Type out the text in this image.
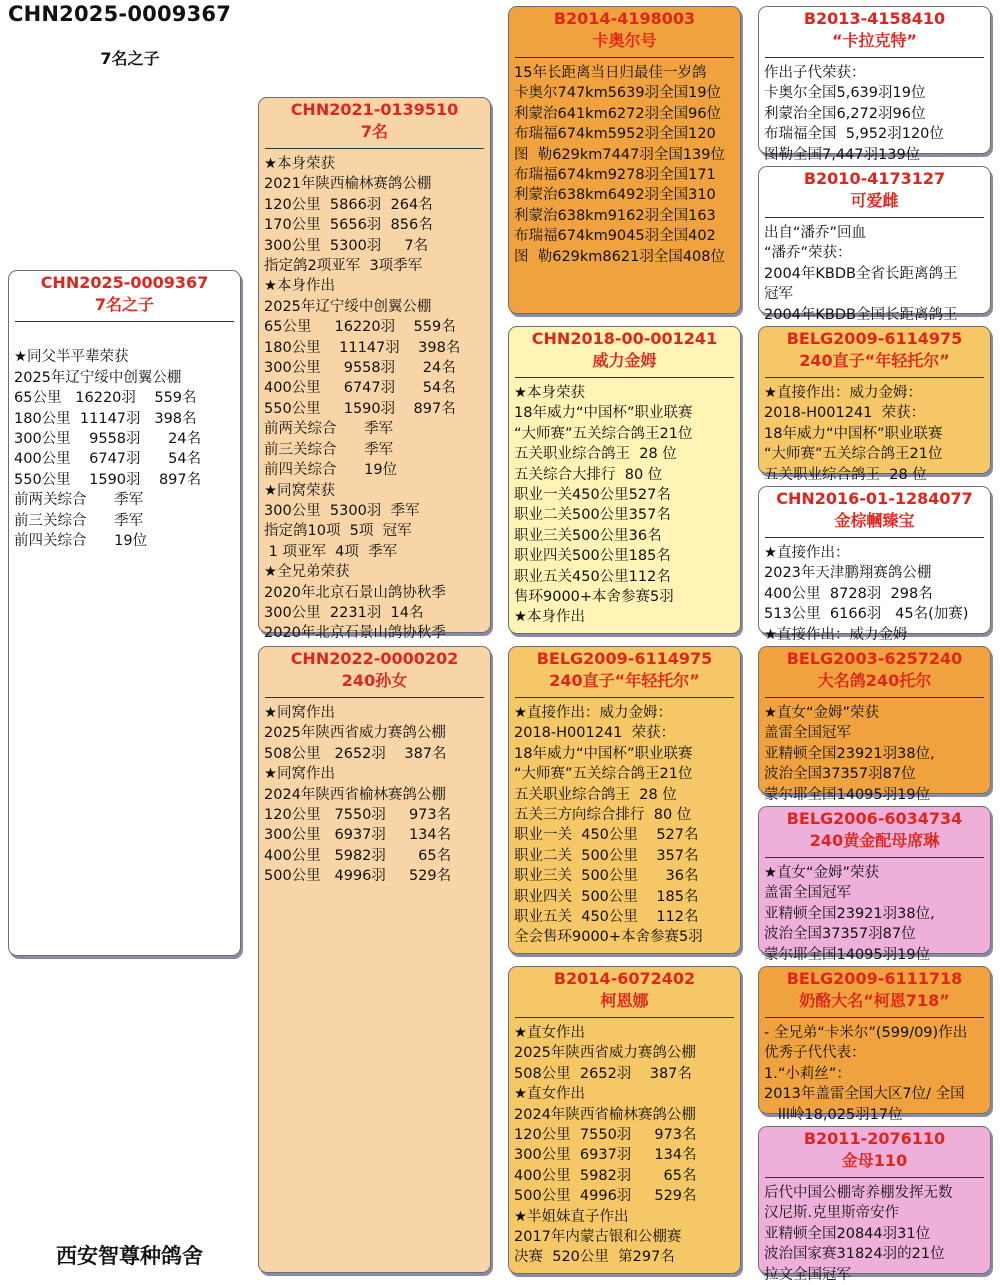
CHN2025-0009367
7名之子
CHN2025-0009367
7名之子
★同父半平辈荣获
2025年辽宁绥中创翼公棚
65公里   16220羽    559名
180公里  11147羽   398名
300公里    9558羽      24名
400公里    6747羽      54名
550公里    1590羽    897名
前两关综合      季军
前三关综合      季军
前四关综合      19位
CHN2021-0139510
7名
★本身荣获
2021年陕西榆林赛鸽公棚
120公里  5866羽  264名
170公里  5656羽  856名
300公里  5300羽     7名
指定鸽2项亚军  3项季军
★本身作出
2025年辽宁绥中创翼公棚
65公里     16220羽    559名
180公里    11147羽    398名
300公里     9558羽      24名
400公里     6747羽      54名
550公里     1590羽    897名
前两关综合      季军
前三关综合      季军
前四关综合      19位
★同窝荣获
300公里  5300羽  季军
指定鸽10项  5项  冠军
1 项亚军  4项  季军
★全兄弟荣获
2020年北京石景山鸽协秋季
300公里  2231羽  14名
2020年北京石景山鸽协秋季
CHN2022-0000202
240孙女
★同窝作出
2025年陕西省威力赛鸽公棚
508公里   2652羽    387名
★同窝作出
2024年陕西省榆林赛鸽公棚
120公里   7550羽     973名
300公里   6937羽     134名
400公里   5982羽       65名
500公里   4996羽     529名
B2014-4198003
卡奥尔号
15年长距离当日归最佳一岁鸽
卡奥尔747km5639羽全国19位
利蒙治641km6272羽全国96位
布瑞福674km5952羽全国120
图  勒629km7447羽全国139位
布瑞福674km9278羽全国171
利蒙治638km6492羽全国310
利蒙治638km9162羽全国163
布瑞福674km9045羽全国402
图  勒629km8621羽全国408位
CHN2018-00-001241
威力金姆
★本身荣获
18年威力“中国杯”职业联赛
“大师赛”五关综合鸽王21位
五关职业综合鸽王  28 位
五关综合大排行  80 位
职业一关450公里527名
职业二关500公里357名
职业三关500公里36名
职业四关500公里185名
职业五关450公里112名
售环9000+本舍参赛5羽
★本身作出
BELG2009-6114975
240直子“年轻托尔”
★直接作出：威力金姆：
2018-H001241  荣获：
18年威力“中国杯”职业联赛
“大师赛”五关综合鸽王21位
五关职业综合鸽王  28 位
五关三方向综合排行  80 位
职业一关  450公里    527名
职业二关  500公里    357名
职业三关  500公里      36名
职业四关  500公里    185名
职业五关  450公里    112名
全会售环9000+本舍参赛5羽
B2014-6072402
柯恩娜
★直女作出
2025年陕西省威力赛鸽公棚
508公里  2652羽    387名
★直女作出
2024年陕西省榆林赛鸽公棚
120公里  7550羽     973名
300公里  6937羽     134名
400公里  5982羽       65名
500公里  4996羽     529名
★半姐妹直子作出
2017年内蒙古银和公棚赛
决赛  520公里  第297名
B2013-4158410
“卡拉克特”
作出子代荣获：
卡奥尔全国5,639羽19位
利蒙治全国6,272羽96位
布瑞福全国  5,952羽120位
图勒全国7,447羽139位
B2010-4173127
可爱雌
出自“潘乔”回血
“潘乔”荣获：
2004年KBDB全省长距离鸽王
冠军
2004年KBDB全国长距离鸽王
BELG2009-6114975
240直子“年轻托尔”
★直接作出：威力金姆：
2018-H001241  荣获：
18年威力“中国杯”职业联赛
“大师赛”五关综合鸽王21位
五关职业综合鸽王  28 位
CHN2016-01-1284077
金棕幗臻宝
★直接作出：
2023年天津鹏翔赛鸽公棚
400公里  8728羽  298名
513公里  6166羽   45名(加赛)
★直接作出：威力金姆
BELG2003-6257240
大名鸽240托尔
★直女“金姆”荣获
盖雷全国冠军
亚精顿全国23921羽38位,
波治全国37357羽87位
蒙尔耶全国14095羽19位
BELG2006-6034734
240黄金配母席琳
★直女“金姆”荣获
盖雷全国冠军
亚精顿全国23921羽38位,
波治全国37357羽87位
蒙尔耶全国14095羽19位
BELG2009-6111718
奶酪大名“柯恩718”
- 全兄弟“卡米尔”(599/09)作出
优秀子代代表：
1.“小莉丝”：
2013年盖雷全国大区7位/ 全国
lll岭18,025羽17位
B2011-2076110
金母110
后代中国公棚寄养棚发挥无数
汉尼斯.克里斯帝安作
亚精顿全国20844羽31位
波治国家赛31824羽的21位
拉文全国冠军
西安智尊种鸽舍
